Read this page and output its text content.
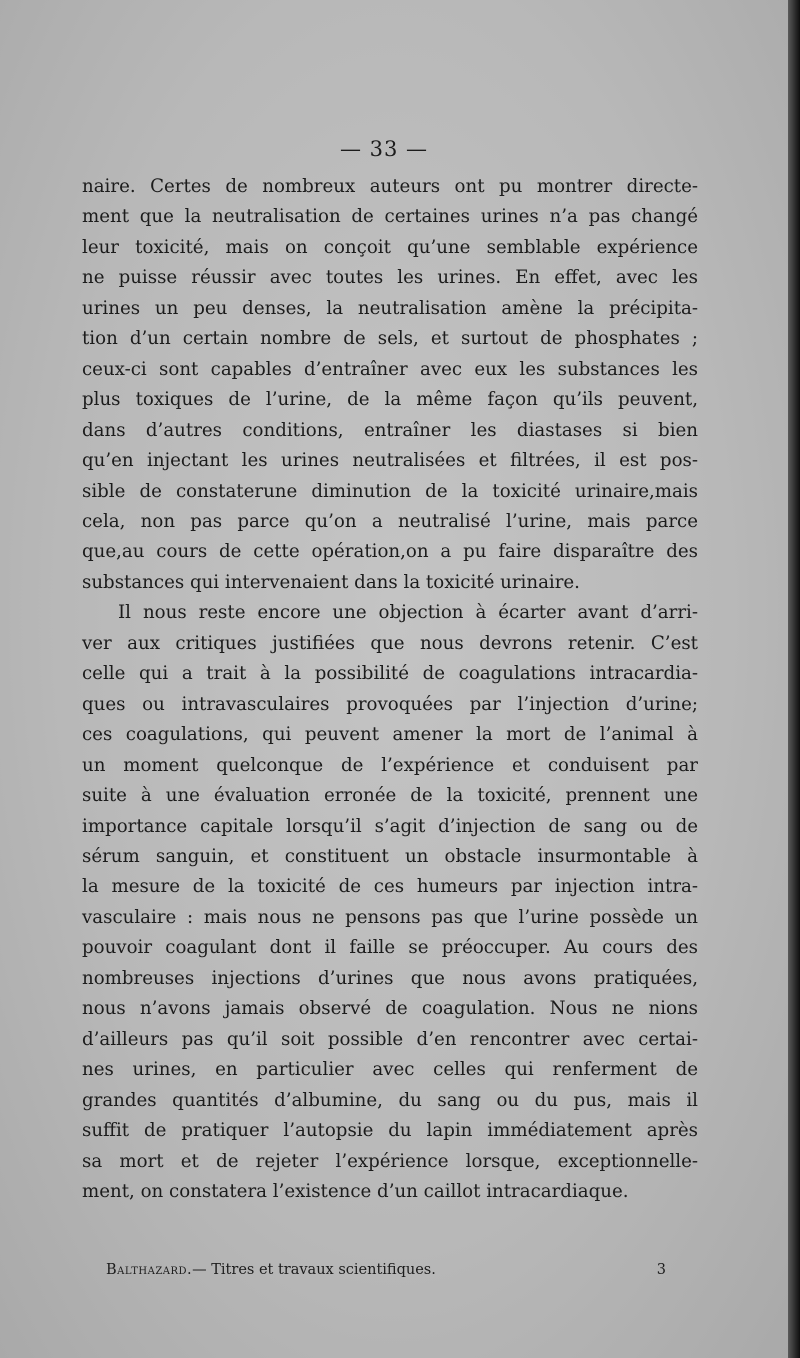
— 33 —
naire. Certes de nombreux auteurs ont pu montrer directe-
ment que la neutralisation de certaines urines n’a pas changé
leur toxicité, mais on conçoit qu’une semblable expérience
ne puisse réussir avec toutes les urines. En effet, avec les
urines un peu denses, la neutralisation amène la précipita-
tion d’un certain nombre de sels, et surtout de phosphates ;
ceux-ci sont capables d’entraîner avec eux les substances les
plus toxiques de l’urine, de la même façon qu’ils peuvent,
dans d’autres conditions, entraîner les diastases si bien
qu’en injectant les urines neutralisées et filtrées, il est pos-
sible de constaterune diminution de la toxicité urinaire,mais
cela, non pas parce qu’on a neutralisé l’urine, mais parce
que,au cours de cette opération,on a pu faire disparaître des
substances qui intervenaient dans la toxicité urinaire.
Il nous reste encore une objection à écarter avant d’arri-
ver aux critiques justifiées que nous devrons retenir. C’est
celle qui a trait à la possibilité de coagulations intracardia-
ques ou intravasculaires provoquées par l’injection d’urine;
ces coagulations, qui peuvent amener la mort de l’animal à
un moment quelconque de l’expérience et conduisent par
suite à une évaluation erronée de la toxicité, prennent une
importance capitale lorsqu’il s’agit d’injection de sang ou de
sérum sanguin, et constituent un obstacle insurmontable à
la mesure de la toxicité de ces humeurs par injection intra-
vasculaire : mais nous ne pensons pas que l’urine possède un
pouvoir coagulant dont il faille se préoccuper. Au cours des
nombreuses injections d’urines que nous avons pratiquées,
nous n’avons jamais observé de coagulation. Nous ne nions
d’ailleurs pas qu’il soit possible d’en rencontrer avec certai-
nes urines, en particulier avec celles qui renferment de
grandes quantités d’albumine, du sang ou du pus, mais il
suffit de pratiquer l’autopsie du lapin immédiatement après
sa mort et de rejeter l’expérience lorsque, exceptionnelle-
ment, on constatera l’existence d’un caillot intracardiaque.
Balthazard.— Titres et travaux scientifiques.	3
